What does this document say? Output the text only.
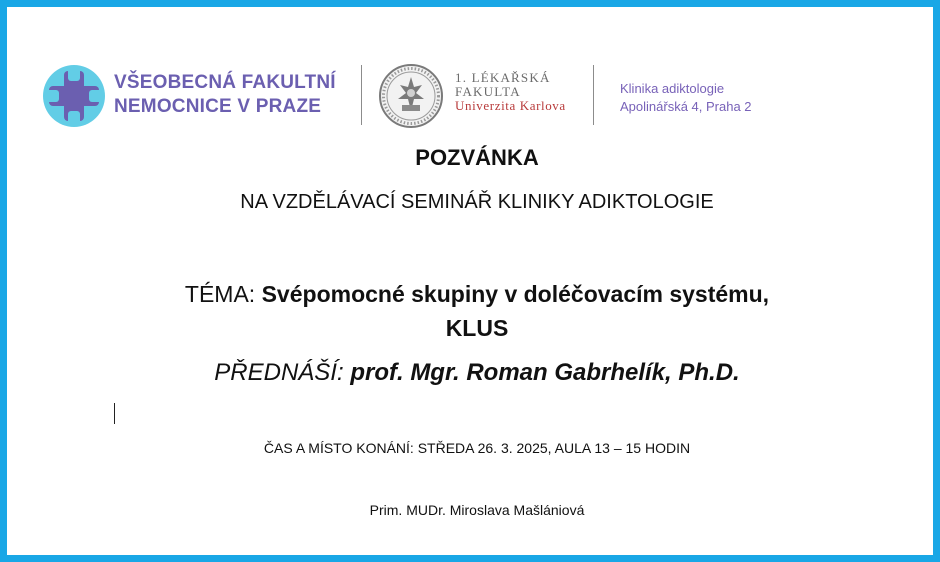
VŠEOBECNÁ FAKULTNÍ
NEMOCNICE V PRAZE
1. LÉKAŘSKÁ
FAKULTA
Univerzita Karlova
Klinika adiktologie
Apolinářská 4, Praha 2
POZVÁNKA
NA VZDĚLÁVACÍ SEMINÁŘ KLINIKY ADIKTOLOGIE
TÉMA: Svépomocné skupiny v doléčovacím systému,
KLUS
PŘEDNÁŠÍ: prof. Mgr. Roman Gabrhelík, Ph.D.
ČAS A MÍSTO KONÁNÍ: STŘEDA 26. 3. 2025, AULA 13 – 15 HODIN
Prim. MUDr. Miroslava Mašlániová
